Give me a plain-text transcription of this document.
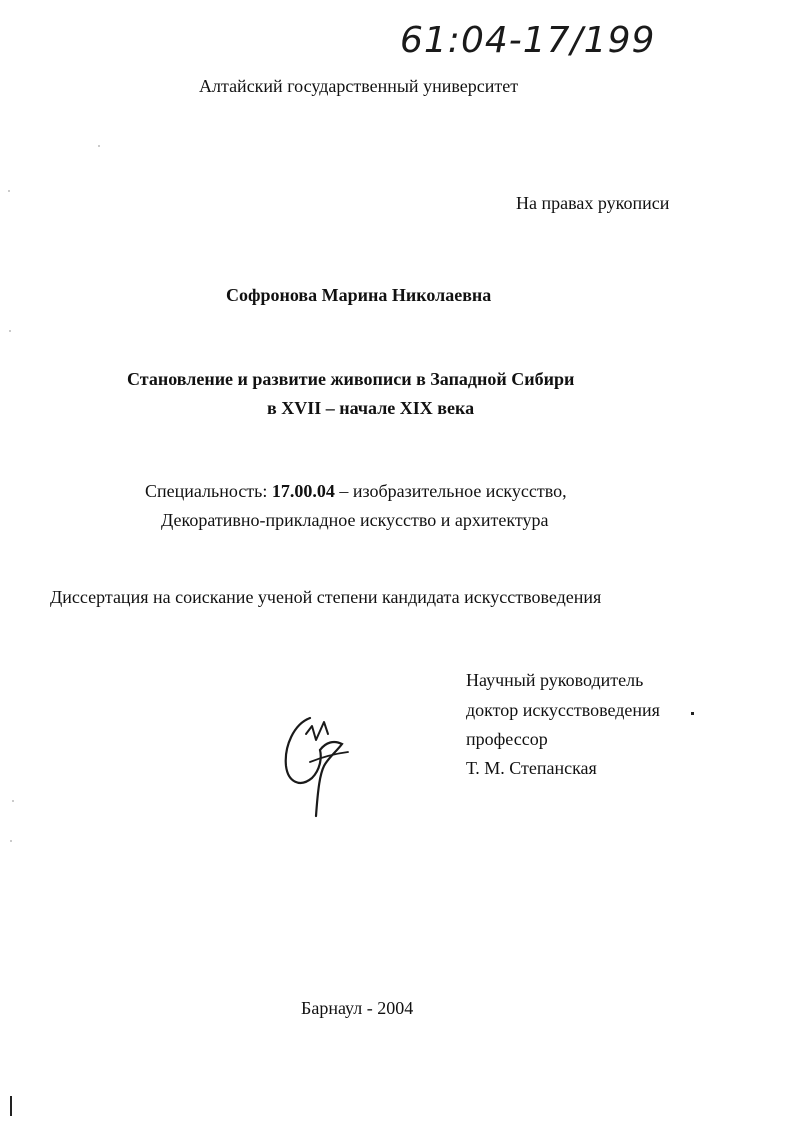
61:04-17/199
Алтайский государственный университет
На правах рукописи
Софронова Марина Николаевна
Становление и развитие живописи в Западной Сибири
в XVII – начале XIX века
Специальность: 17.00.04 – изобразительное искусство,
Декоративно-прикладное искусство и архитектура
Диссертация на соискание ученой степени кандидата искусствоведения
Научный руководитель
доктор искусствоведения
профессор
Т. М. Степанская
Барнаул - 2004
